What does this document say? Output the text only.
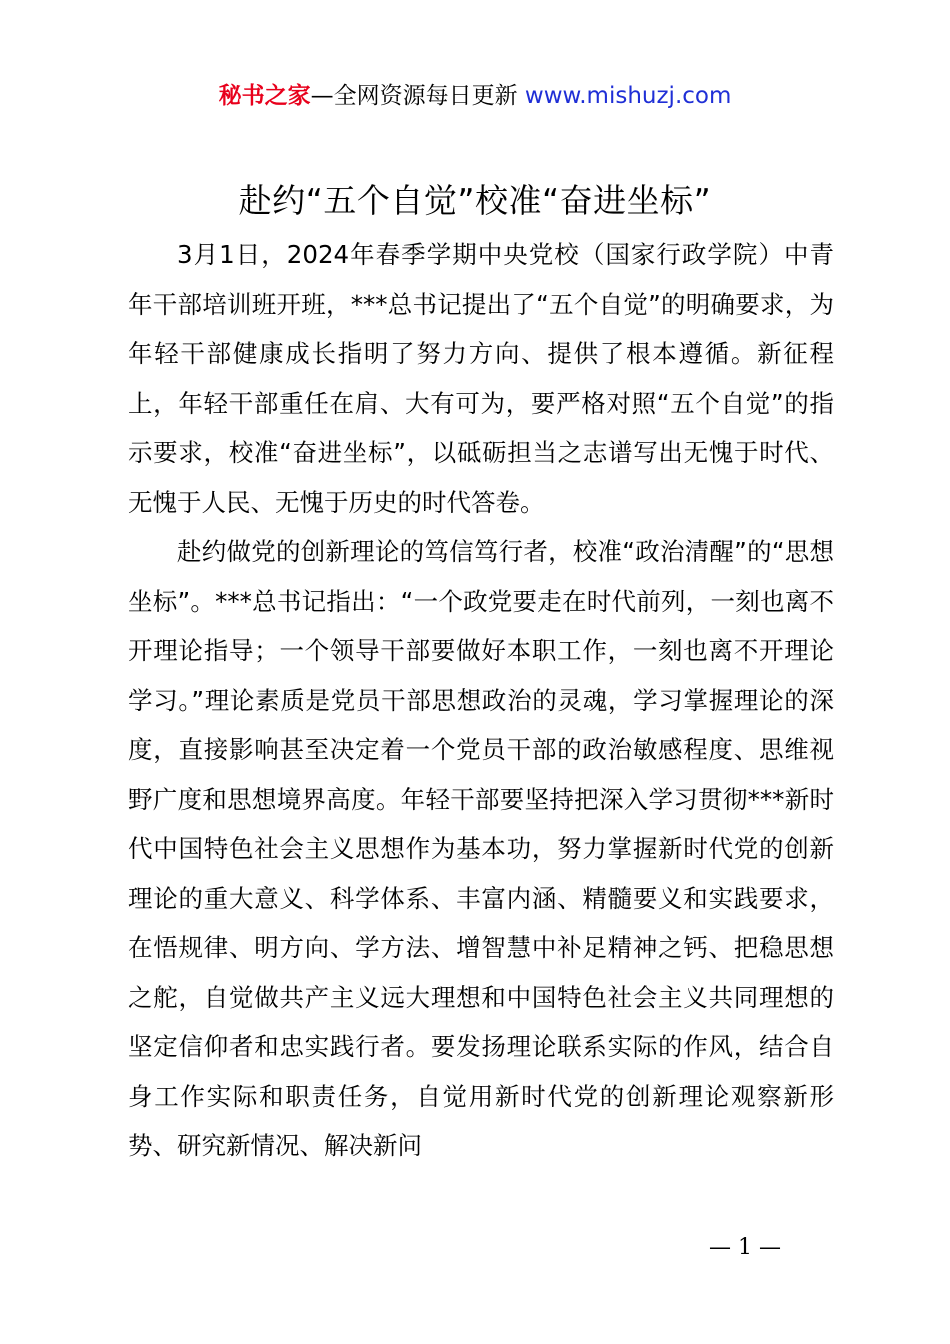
秘书之家—全网资源每日更新 www.mishuzj.com
赴约“五个自觉”校准“奋进坐标”

3月1日，2024年春季学期中央党校（国家行政学院）中青年干部培训班开班，***总书记提出了“五个自觉”的明确要求，为年轻干部健康成长指明了努力方向、提供了根本遵循。新征程上，年轻干部重任在肩、大有可为，要严格对照“五个自觉”的指示要求，校准“奋进坐标”，以砥砺担当之志谱写出无愧于时代、无愧于人民、无愧于历史的时代答卷。

赴约做党的创新理论的笃信笃行者，校准“政治清醒”的“思想坐标”。***总书记指出：“一个政党要走在时代前列，一刻也离不开理论指导；一个领导干部要做好本职工作，一刻也离不开理论学习。”理论素质是党员干部思想政治的灵魂，学习掌握理论的深度，直接影响甚至决定着一个党员干部的政治敏感程度、思维视野广度和思想境界高度。年轻干部要坚持把深入学习贯彻***新时代中国特色社会主义思想作为基本功，努力掌握新时代党的创新理论的重大意义、科学体系、丰富内涵、精髓要义和实践要求，在悟规律、明方向、学方法、增智慧中补足精神之钙、把稳思想之舵，自觉做共产主义远大理想和中国特色社会主义共同理想的坚定信仰者和忠实践行者。要发扬理论联系实际的作风，结合自身工作实际和职责任务，自觉用新时代党的创新理论观察新形势、研究新情况、解决新问

— 1 —
